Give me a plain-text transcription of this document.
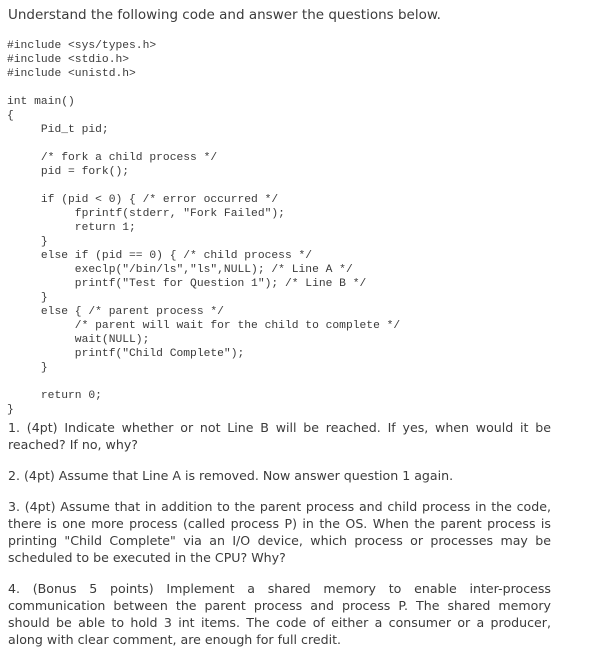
Understand the following code and answer the questions below.
#include <sys/types.h>
#include <stdio.h>
#include <unistd.h>
int main()
{
Pid_t pid;
/* fork a child process */
pid = fork();
if (pid < 0) { /* error occurred */
fprintf(stderr, "Fork Failed");
return 1;
}
else if (pid == 0) { /* child process */
execlp("/bin/ls","ls",NULL); /* Line A */
printf("Test for Question 1"); /* Line B */
}
else { /* parent process */
/* parent will wait for the child to complete */
wait(NULL);
printf("Child Complete");
}
return 0;
}

1. (4pt) Indicate whether or not Line B will be reached. If yes, when would it be reached? If no, why?

2. (4pt) Assume that Line A is removed. Now answer question 1 again.

3. (4pt) Assume that in addition to the parent process and child process in the code, there is one more process (called process P) in the OS. When the parent process is printing "Child Complete" via an I/O device, which process or processes may be scheduled to be executed in the CPU? Why?

4. (Bonus 5 points) Implement a shared memory to enable inter-process communication between the parent process and process P. The shared memory should be able to hold 3 int items. The code of either a consumer or a producer, along with clear comment, are enough for full credit.
